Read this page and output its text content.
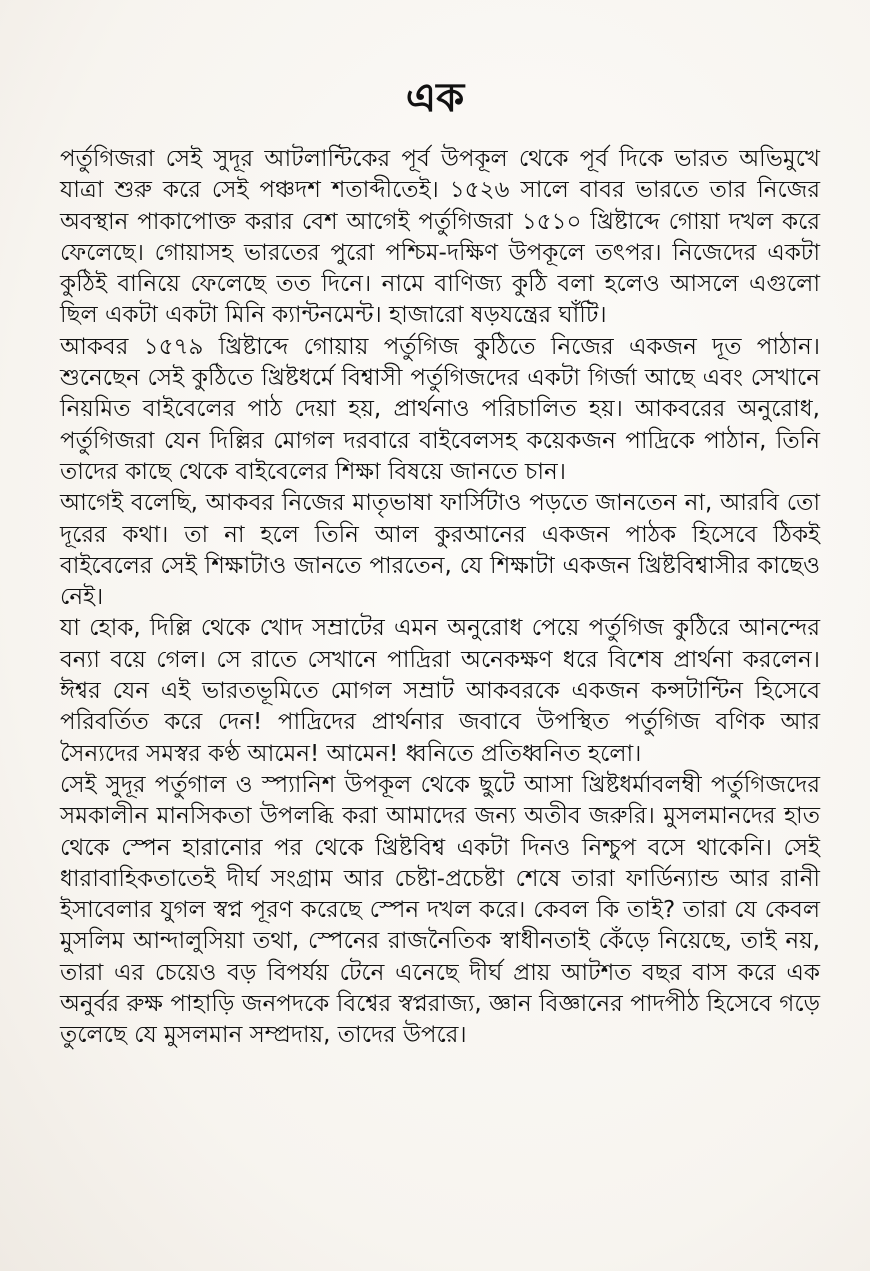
এক

পর্তুগিজরা সেই সুদূর আটলান্টিকের পূর্ব উপকূল থেকে পূর্ব দিকে ভারত অভিমুখে যাত্রা শুরু করে সেই পঞ্চদশ শতাব্দীতেই। ১৫২৬ সালে বাবর ভারতে তার নিজের অবস্থান পাকাপোক্ত করার বেশ আগেই পর্তুগিজরা ১৫১০ খ্রিষ্টাব্দে গোয়া দখল করে ফেলেছে। গোয়াসহ ভারতের পুরো পশ্চিম-দক্ষিণ উপকূলে তৎপর। নিজেদের একটা কুঠিই বানিয়ে ফেলেছে তত দিনে। নামে বাণিজ্য কুঠি বলা হলেও আসলে এগুলো ছিল একটা একটা মিনি ক্যান্টনমেন্ট। হাজারো ষড়যন্ত্রের ঘাঁটি।

আকবর ১৫৭৯ খ্রিষ্টাব্দে গোয়ায় পর্তুগিজ কুঠিতে নিজের একজন দূত পাঠান। শুনেছেন সেই কুঠিতে খ্রিষ্টধর্মে বিশ্বাসী পর্তুগিজদের একটা গির্জা আছে এবং সেখানে নিয়মিত বাইবেলের পাঠ দেয়া হয়, প্রার্থনাও পরিচালিত হয়। আকবরের অনুরোধ, পর্তুগিজরা যেন দিল্লির মোগল দরবারে বাইবেলসহ কয়েকজন পাদ্রিকে পাঠান, তিনি তাদের কাছে থেকে বাইবেলের শিক্ষা বিষয়ে জানতে চান।

আগেই বলেছি, আকবর নিজের মাতৃভাষা ফার্সিটাও পড়তে জানতেন না, আরবি তো দূরের কথা। তা না হলে তিনি আল কুরআনের একজন পাঠক হিসেবে ঠিকই বাইবেলের সেই শিক্ষাটাও জানতে পারতেন, যে শিক্ষাটা একজন খ্রিষ্টবিশ্বাসীর কাছেও নেই।

যা হোক, দিল্লি থেকে খোদ সম্রাটের এমন অনুরোধ পেয়ে পর্তুগিজ কুঠিরে আনন্দের বন্যা বয়ে গেল। সে রাতে সেখানে পাদ্রিরা অনেকক্ষণ ধরে বিশেষ প্রার্থনা করলেন। ঈশ্বর যেন এই ভারতভূমিতে মোগল সম্রাট আকবরকে একজন কন্সটান্টিন হিসেবে পরিবর্তিত করে দেন! পাদ্রিদের প্রার্থনার জবাবে উপস্থিত পর্তুগিজ বণিক আর সৈন্যদের সমস্বর কণ্ঠ আমেন! আমেন! ধ্বনিতে প্রতিধ্বনিত হলো।

সেই সুদূর পর্তুগাল ও স্প্যানিশ উপকূল থেকে ছুটে আসা খ্রিষ্টধর্মাবলম্বী পর্তুগিজদের সমকালীন মানসিকতা উপলব্ধি করা আমাদের জন্য অতীব জরুরি। মুসলমানদের হাত থেকে স্পেন হারানোর পর থেকে খ্রিষ্টবিশ্ব একটা দিনও নিশ্চুপ বসে থাকেনি। সেই ধারাবাহিকতাতেই দীর্ঘ সংগ্রাম আর চেষ্টা-প্রচেষ্টা শেষে তারা ফার্ডিন্যান্ড আর রানী ইসাবেলার যুগল স্বপ্ন পূরণ করেছে স্পেন দখল করে। কেবল কি তাই? তারা যে কেবল মুসলিম আন্দালুসিয়া তথা, স্পেনের রাজনৈতিক স্বাধীনতাই কেঁড়ে নিয়েছে, তাই নয়, তারা এর চেয়েও বড় বিপর্যয় টেনে এনেছে দীর্ঘ প্রায় আটশত বছর বাস করে এক অনুর্বর রুক্ষ পাহাড়ি জনপদকে বিশ্বের স্বপ্নরাজ্য, জ্ঞান বিজ্ঞানের পাদপীঠ হিসেবে গড়ে তুলেছে যে মুসলমান সম্প্রদায়, তাদের উপরে।
